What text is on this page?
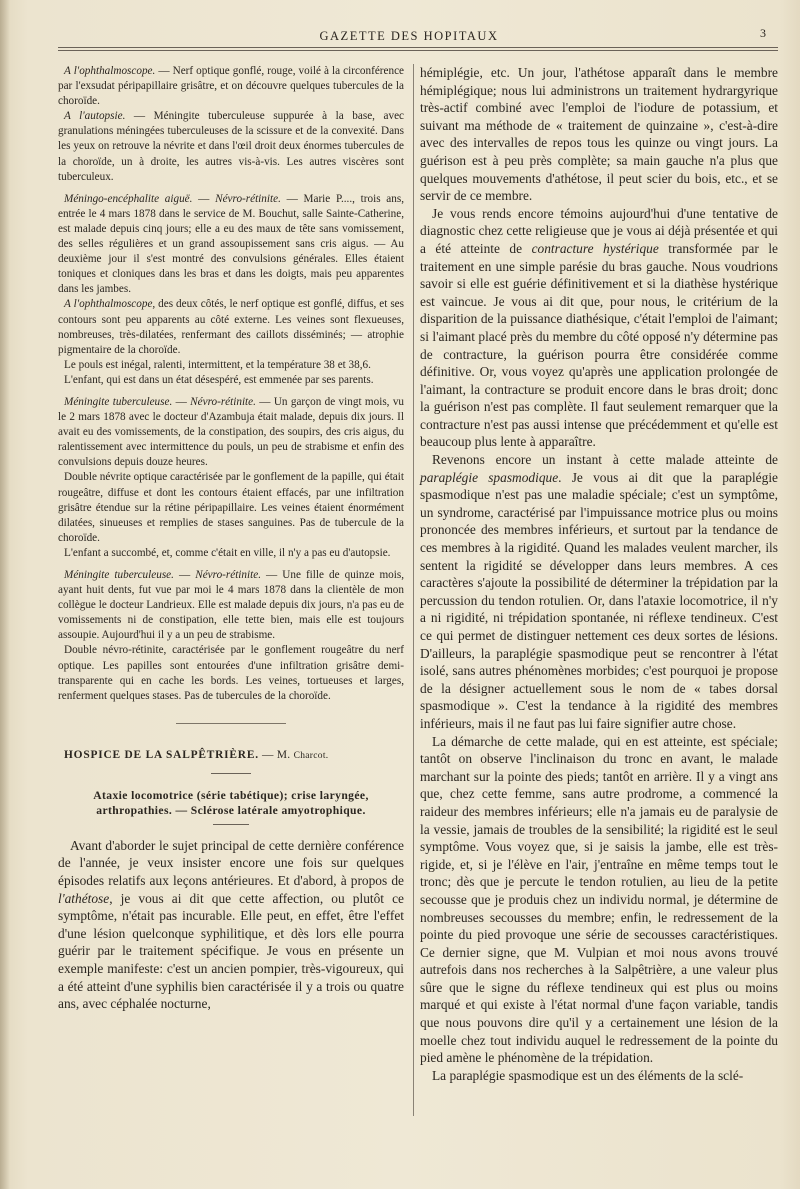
GAZETTE DES HOPITAUX	3

A l'ophthalmoscope. — Nerf optique gonflé, rouge, voilé à la circonférence par l'exsudat péripapillaire grisâtre, et on découvre quelques tubercules de la choroïde.

A l'autopsie. — Méningite tuberculeuse suppurée à la base, avec granulations méningées tuberculeuses de la scissure et de la convexité. Dans les yeux on retrouve la névrite et dans l'œil droit deux énormes tubercules de la choroïde, un à droite, les autres vis-à-vis. Les autres viscères sont tuberculeux.

Méningo-encéphalite aiguë. — Névro-rétinite. — Marie P...., trois ans, entrée le 4 mars 1878 dans le service de M. Bouchut, salle Sainte-Catherine, est malade depuis cinq jours; elle a eu des maux de tête sans vomissement, des selles régulières et un grand assoupissement sans cris aigus. — Au deuxième jour il s'est montré des convulsions générales. Elles étaient toniques et cloniques dans les bras et dans les doigts, mais peu apparentes dans les jambes.

A l'ophthalmoscope, des deux côtés, le nerf optique est gonflé, diffus, et ses contours sont peu apparents au côté externe. Les veines sont flexueuses, nombreuses, très-dilatées, renfermant des caillots disséminés; — atrophie pigmentaire de la choroïde.

Le pouls est inégal, ralenti, intermittent, et la température 38 et 38,6.

L'enfant, qui est dans un état désespéré, est emmenée par ses parents.

Méningite tuberculeuse. — Névro-rétinite. — Un garçon de vingt mois, vu le 2 mars 1878 avec le docteur d'Azambuja était malade, depuis dix jours. Il avait eu des vomissements, de la constipation, des soupirs, des cris aigus, du ralentissement avec intermittence du pouls, un peu de strabisme et enfin des convulsions depuis douze heures.

Double névrite optique caractérisée par le gonflement de la papille, qui était rougeâtre, diffuse et dont les contours étaient effacés, par une infiltration grisâtre étendue sur la rétine péripapillaire. Les veines étaient énormément dilatées, sinueuses et remplies de stases sanguines. Pas de tubercule de la choroïde.

L'enfant a succombé, et, comme c'était en ville, il n'y a pas eu d'autopsie.

Méningite tuberculeuse. — Névro-rétinite. — Une fille de quinze mois, ayant huit dents, fut vue par moi le 4 mars 1878 dans la clientèle de mon collègue le docteur Landrieux. Elle est malade depuis dix jours, n'a pas eu de vomissements ni de constipation, elle tette bien, mais elle est toujours assoupie. Aujourd'hui il y a un peu de strabisme.

Double névro-rétinite, caractérisée par le gonflement rougeâtre du nerf optique. Les papilles sont entourées d'une infiltration grisâtre demi-transparente qui en cache les bords. Les veines, tortueuses et larges, renferment quelques stases. Pas de tubercules de la choroïde.

HOSPICE DE LA SALPÊTRIÈRE. — M. Charcot.
Ataxie locomotrice (série tabétique); crise laryngée, arthropathies. — Sclérose latérale amyotrophique.

Avant d'aborder le sujet principal de cette dernière conférence de l'année, je veux insister encore une fois sur quelques épisodes relatifs aux leçons antérieures. Et d'abord, à propos de l'athétose, je vous ai dit que cette affection, ou plutôt ce symptôme, n'était pas incurable. Elle peut, en effet, être l'effet d'une lésion quelconque syphilitique, et dès lors elle pourra guérir par le traitement spécifique. Je vous en présente un exemple manifeste: c'est un ancien pompier, très-vigoureux, qui a été atteint d'une syphilis bien caractérisée il y a trois ou quatre ans, avec céphalée nocturne,

hémiplégie, etc. Un jour, l'athétose apparaît dans le membre hémiplégique; nous lui administrons un traitement hydrargyrique très-actif combiné avec l'emploi de l'iodure de potassium, et suivant ma méthode de « traitement de quinzaine », c'est-à-dire avec des intervalles de repos tous les quinze ou vingt jours. La guérison est à peu près complète; sa main gauche n'a plus que quelques mouvements d'athétose, il peut scier du bois, etc., et se servir de ce membre.

Je vous rends encore témoins aujourd'hui d'une tentative de diagnostic chez cette religieuse que je vous ai déjà présentée et qui a été atteinte de contracture hystérique transformée par le traitement en une simple parésie du bras gauche. Nous voudrions savoir si elle est guérie définitivement et si la diathèse hystérique est vaincue. Je vous ai dit que, pour nous, le critérium de la disparition de la puissance diathésique, c'était l'emploi de l'aimant; si l'aimant placé près du membre du côté opposé n'y détermine pas de contracture, la guérison pourra être considérée comme définitive. Or, vous voyez qu'après une application prolongée de l'aimant, la contracture se produit encore dans le bras droit; donc la guérison n'est pas complète. Il faut seulement remarquer que la contracture n'est pas aussi intense que précédemment et qu'elle est beaucoup plus lente à apparaître.

Revenons encore un instant à cette malade atteinte de paraplégie spasmodique. Je vous ai dit que la paraplégie spasmodique n'est pas une maladie spéciale; c'est un symptôme, un syndrome, caractérisé par l'impuissance motrice plus ou moins prononcée des membres inférieurs, et surtout par la tendance de ces membres à la rigidité. Quand les malades veulent marcher, ils sentent la rigidité se développer dans leurs membres. A ces caractères s'ajoute la possibilité de déterminer la trépidation par la percussion du tendon rotulien. Or, dans l'ataxie locomotrice, il n'y a ni rigidité, ni trépidation spontanée, ni réflexe tendineux. C'est ce qui permet de distinguer nettement ces deux sortes de lésions. D'ailleurs, la paraplégie spasmodique peut se rencontrer à l'état isolé, sans autres phénomènes morbides; c'est pourquoi je propose de la désigner actuellement sous le nom de « tabes dorsal spasmodique ». C'est la tendance à la rigidité des membres inférieurs, mais il ne faut pas lui faire signifier autre chose.

La démarche de cette malade, qui en est atteinte, est spéciale; tantôt on observe l'inclinaison du tronc en avant, le malade marchant sur la pointe des pieds; tantôt en arrière. Il y a vingt ans que, chez cette femme, sans autre prodrome, a commencé la raideur des membres inférieurs; elle n'a jamais eu de paralysie de la vessie, jamais de troubles de la sensibilité; la rigidité est le seul symptôme. Vous voyez que, si je saisis la jambe, elle est très-rigide, et, si je l'élève en l'air, j'entraîne en même temps tout le tronc; dès que je percute le tendon rotulien, au lieu de la petite secousse que je produis chez un individu normal, je détermine de nombreuses secousses du membre; enfin, le redressement de la pointe du pied provoque une série de secousses caractéristiques. Ce dernier signe, que M. Vulpian et moi nous avons trouvé autrefois dans nos recherches à la Salpêtrière, a une valeur plus sûre que le signe du réflexe tendineux qui est plus ou moins marqué et qui existe à l'état normal d'une façon variable, tandis que nous pouvons dire qu'il y a certainement une lésion de la moelle chez tout individu auquel le redressement de la pointe du pied amène le phénomène de la trépidation.

La paraplégie spasmodique est un des éléments de la sclé-
